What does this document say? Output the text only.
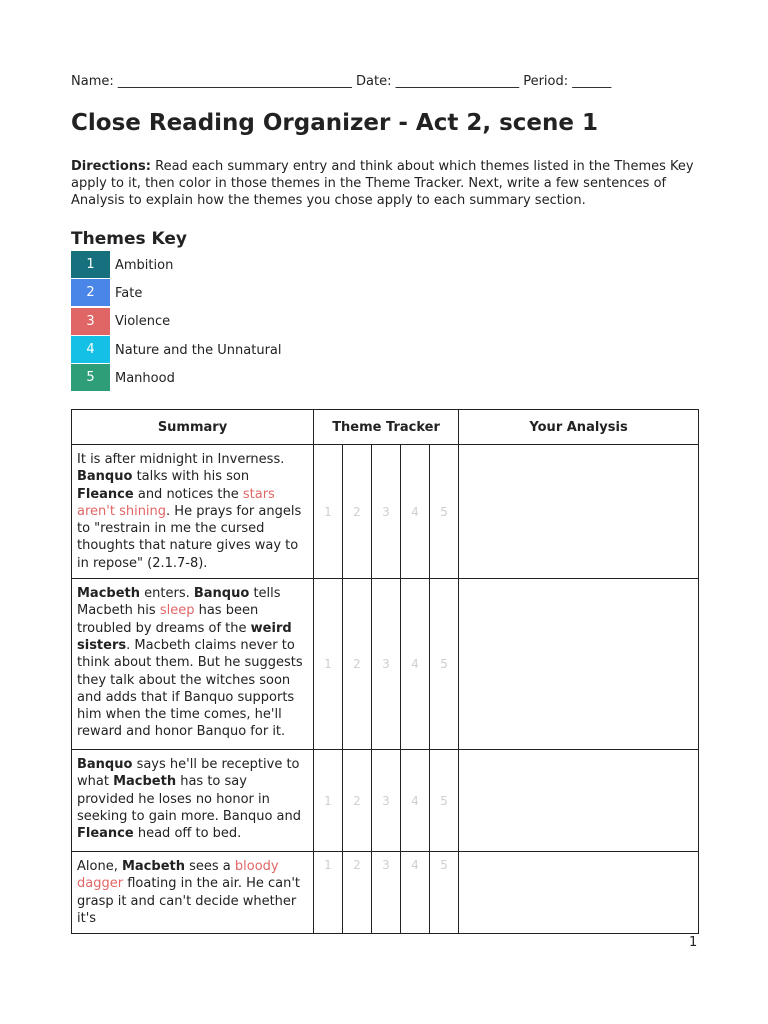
Name: ____________________________________ Date: ___________________ Period: ______
Close Reading Organizer - Act 2, scene 1
Directions: Read each summary entry and think about which themes listed in the Themes Key apply to it, then color in those themes in the Theme Tracker. Next, write a few sentences of Analysis to explain how the themes you chose apply to each summary section.
Themes Key
1	Ambition
2	Fate
3	Violence
4	Nature and the Unnatural
5	Manhood
Summary	Theme Tracker					Your Analysis
It is after midnight in Inverness. Banquo talks with his son Fleance and notices the stars aren't shining. He prays for angels to "restrain in me the cursed thoughts that nature gives way to in repose" (2.1.7-8).	1	2	3	4	5	
Macbeth enters. Banquo tells Macbeth his sleep has been troubled by dreams of the weird sisters. Macbeth claims never to think about them. But he suggests they talk about the witches soon and adds that if Banquo supports him when the time comes, he'll reward and honor Banquo for it.	1	2	3	4	5	
Banquo says he'll be receptive to what Macbeth has to say provided he loses no honor in seeking to gain more. Banquo and Fleance head off to bed.	1	2	3	4	5	
Alone, Macbeth sees a bloody dagger floating in the air. He can't grasp it and can't decide whether it's	1	2	3	4	5	
1
